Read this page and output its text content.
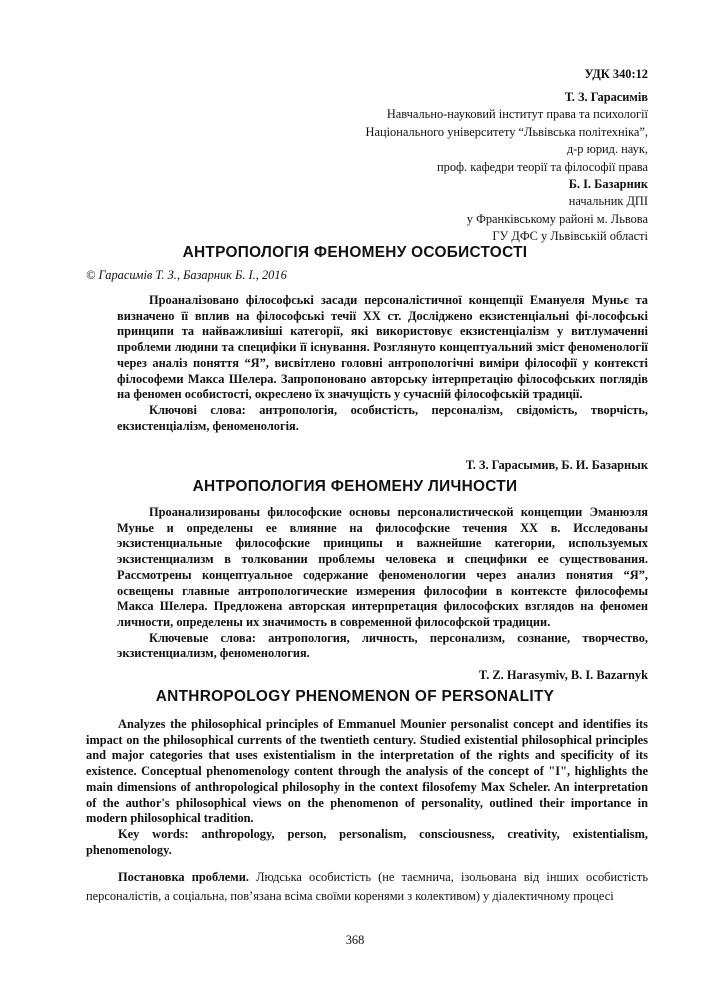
УДК 340:12
Т. З. Гарасимів
Навчально-науковий інститут права та психології
Національного університету “Львівська політехніка”,
д-р юрид. наук,
проф. кафедри теорії та філософії права
Б. І. Базарник
начальник ДПІ
у Франківському районі м. Львова
ГУ ДФС у Львівській області
АНТРОПОЛОГІЯ ФЕНОМЕНУ ОСОБИСТОСТІ
© Гарасимів Т. З., Базарник Б. І., 2016

Проаналізовано філософські засади персоналістичної концепції Емануеля Муньє та визначено її вплив на філософські течії XX ст. Досліджено екзистенціальні фі-лософські принципи та найважливіші категорії, які використовує екзистенціалізм у витлумаченні проблеми людини та специфіки її існування. Розглянуто концептуальний зміст феноменології через аналіз поняття “Я”, висвітлено головні антропологічні виміри філософії у контексті філософеми Макса Шелера. Запропоновано авторську інтерпретацію філософських поглядів на феномен особистості, окреслено їх значущість у сучасній філософській традиції.

Ключові слова: антропологія, особистість, персоналізм, свідомість, творчість, екзистенціалізм, феноменологія.

Т. З. Гарасымив, Б. И. Базарнык
АНТРОПОЛОГИЯ ФЕНОМЕНУ ЛИЧНОСТИ

Проанализированы философские основы персоналистической концепции Эманюэля Мунье и определены ее влияние на философские течения XX в. Исследованы экзистенциальные философские принципы и важнейшие категории, используемых экзистенциализм в толковании проблемы человека и специфики ее существования. Рассмотрены концептуальное содержание феноменологии через анализ понятия “Я”, освещены главные антропологические измерения философии в контексте философемы Макса Шелера. Предложена авторская интерпретация философских взглядов на феномен личности, определены их значимость в современной философской традиции.

Ключевые слова: антропология, личность, персонализм, сознание, творчество, экзистенциализм, феноменология.

T. Z. Harasymiv, B. I. Bazarnyk
ANTHROPOLOGY PHENOMENON OF PERSONALITY

Analyzes the philosophical principles of Emmanuel Mounier personalist concept and identifies its impact on the philosophical currents of the twentieth century. Studied existential philosophical principles and major categories that uses existentialism in the interpretation of the rights and specificity of its existence. Conceptual phenomenology content through the analysis of the concept of "I", highlights the main dimensions of anthropological philosophy in the context filosofemy Max Scheler. An interpretation of the author's philosophical views on the phenomenon of personality, outlined their importance in modern philosophical tradition.

Key words: anthropology, person, personalism, consciousness, creativity, existentialism, phenomenology.

Постановка проблеми. Людська особистість (не таємнича, ізольована від інших особистість персоналістів, а соціальна, пов’язана всіма своїми коренями з колективом) у діалектичному процесі

368
